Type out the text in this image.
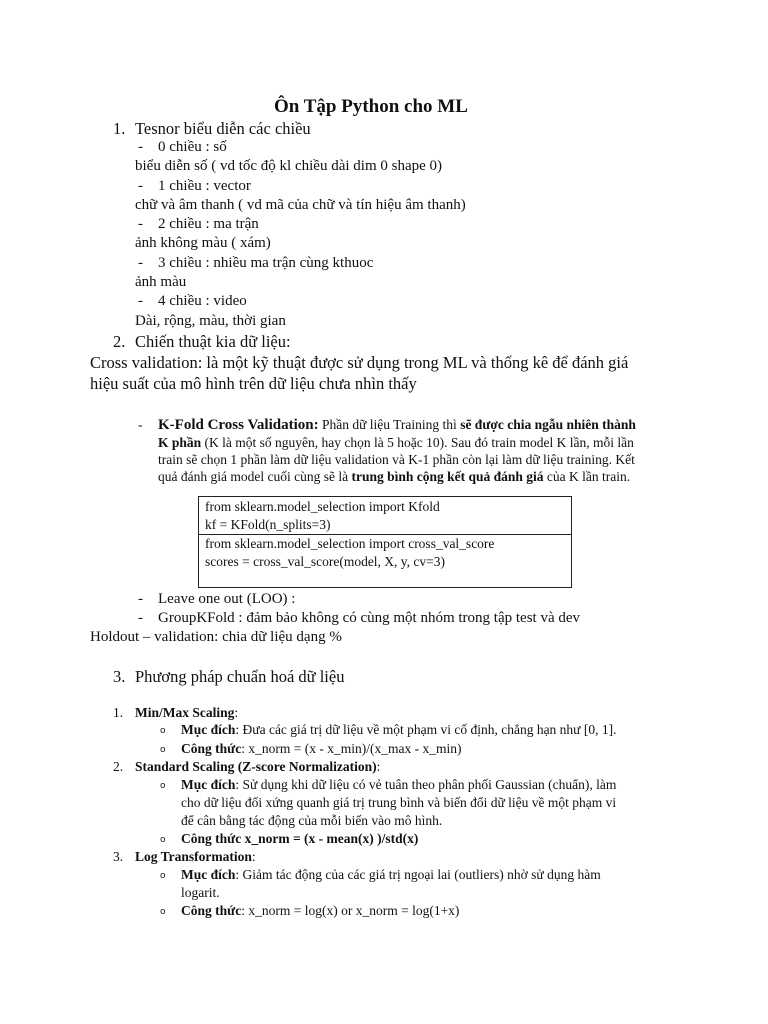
Ôn Tập Python cho ML
1. Tesnor biểu diễn các chiều
- 0 chiều : số
biểu diễn số ( vd tốc độ kl chiều dài dim 0 shape 0)
- 1 chiều : vector
chữ và âm thanh ( vd mã của chữ và tín hiệu âm thanh)
- 2 chiều : ma trận
ảnh không màu ( xám)
- 3 chiều : nhiều ma trận cùng kthuoc
ảnh màu
- 4 chiều : video
Dài, rộng, màu, thời gian
2. Chiến thuật kia dữ liệu:
Cross validation: là một kỹ thuật được sử dụng trong ML và thống kê để đánh giá
hiệu suất của mô hình trên dữ liệu chưa nhìn thấy
- K-Fold Cross Validation: Phần dữ liệu Training thì sẽ được chia ngẫu nhiên thành
K phần (K là một số nguyên, hay chọn là 5 hoặc 10). Sau đó train model K lần, mỗi lần
train sẽ chọn 1 phần làm dữ liệu validation và K-1 phần còn lại làm dữ liệu training. Kết
quả đánh giá model cuối cùng sẽ là trung bình cộng kết quả đánh giá của K lần train.
from sklearn.model_selection import Kfold
kf = KFold(n_splits=3)
from sklearn.model_selection import cross_val_score
scores = cross_val_score(model, X, y, cv=3)
- Leave one out (LOO) :
- GroupKFold : đảm bảo không có cùng một nhóm trong tập test và dev
Holdout – validation: chia dữ liệu dạng %
3. Phương pháp chuẩn hoá dữ liệu
1. Min/Max Scaling:
o Mục đích: Đưa các giá trị dữ liệu về một phạm vi cố định, chẳng hạn như [0, 1].
o Công thức: x_norm = (x - x_min)/(x_max - x_min)
2. Standard Scaling (Z-score Normalization):
o Mục đích: Sử dụng khi dữ liệu có vẻ tuân theo phân phối Gaussian (chuẩn), làm
cho dữ liệu đối xứng quanh giá trị trung bình và biến đổi dữ liệu về một phạm vi
để cân bằng tác động của mỗi biến vào mô hình.
o Công thức x_norm = (x - mean(x) )/std(x)
3. Log Transformation:
o Mục đích: Giảm tác động của các giá trị ngoại lai (outliers) nhờ sử dụng hàm
logarit.
o Công thức: x_norm = log(x) or x_norm = log(1+x)
